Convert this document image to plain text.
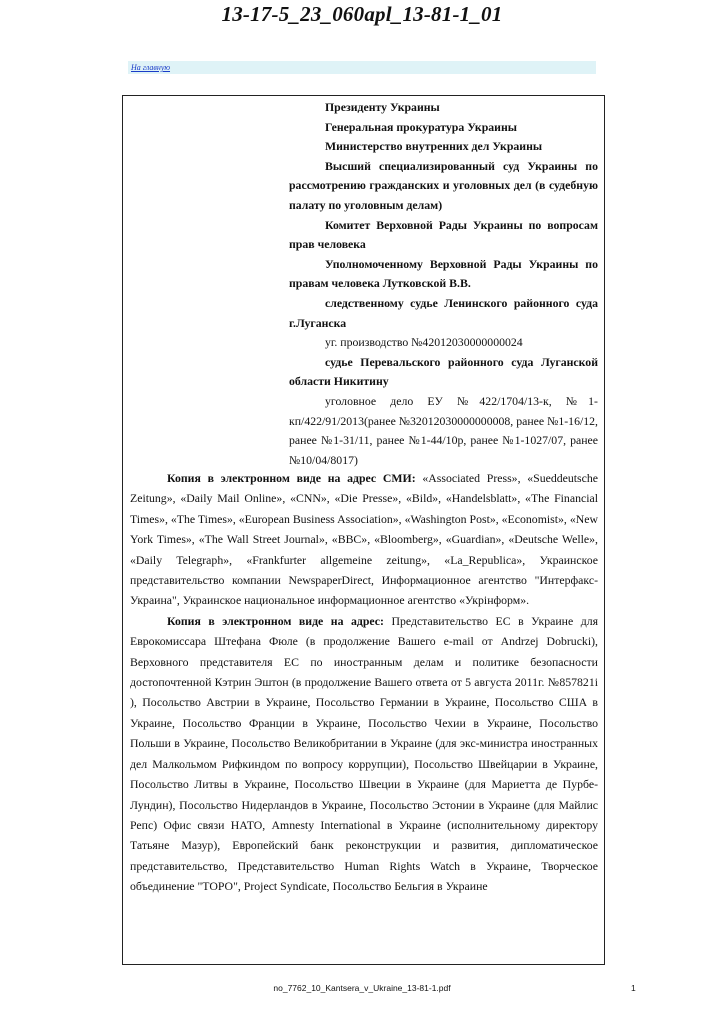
13-17-5_23_060apl_13-81-1_01
На главную

Президенту Украины

Генеральная прокуратура Украины

Министерство внутренних дел Украины

Высший специализированный суд Украины по рассмотрению гражданских и уголовных дел (в судебную палату по уголовным делам)

Комитет Верховной Рады Украины по вопросам прав человека

Уполномоченному Верховной Рады Украины по правам человека Лутковской В.В.

следственному судье Ленинского районного суда г.Луганска

уг. производство №42012030000000024

судье Перевальского районного суда Луганской области Никитину

уголовное дело ЕУ №422/1704/13-к, №1-кп/422/91/2013(ранее №32012030000000008, ранее №1-16/12, ранее №1-31/11, ранее №1-44/10р, ранее №1-1027/07, ранее №10/04/8017)

Копия в электронном виде на адрес СМИ: «Associated Press», «Sueddeutsche Zeitung», «Daily Mail Online», «CNN», «Die Presse», «Bild», «Handelsblatt», «The Financial Times», «The Times», «European Business Association», «Washington Post», «Economist», «New York Times», «The Wall Street Journal», «BBC», «Bloomberg», «Guardian», «Deutsche Welle», «Daily Telegraph», «Frankfurter allgemeine zeitung», «La_Republica», Украинское представительство компании NewspaperDirect, Информационное агентство "Интерфакс-Украина", Украинское национальное информационное агентство «Укрінформ».

Копия в электронном виде на адрес: Представительство ЕС в Украине для Еврокомиссара Штефана Фюле (в продолжение Вашего e-mail от Andrzej Dobrucki), Верховного представителя ЕС по иностранным делам и политике безопасности достопочтенной Кэтрин Эштон (в продолжение Вашего ответа от 5 августа 2011г. №857821i ), Посольство Австрии в Украине, Посольство Германии в Украине, Посольство США в Украине, Посольство Франции в Украине, Посольство Чехии в Украине, Посольство Польши в Украине, Посольство Великобритании в Украине (для экс-министра иностранных дел Малкольмом Рифкиндом по вопросу коррупции), Посольство Швейцарии в Украине, Посольство Литвы в Украине, Посольство Швеции в Украине (для Мариетта де Пурбе-Лундин), Посольство Нидерландов в Украине, Посольство Эстонии в Украине (для Майлис Репс) Офис связи НАТО, Amnesty International в Украине (исполнительному директору Татьяне Мазур), Европейский банк реконструкции и развития, дипломатическое представительство, Представительство Human Rights Watch в Украине, Творческое объединение "ТОРО", Project Syndicate, Посольство Бельгия в Украине

no_7762_10_Kantsera_v_Ukraine_13-81-1.pdf	1
